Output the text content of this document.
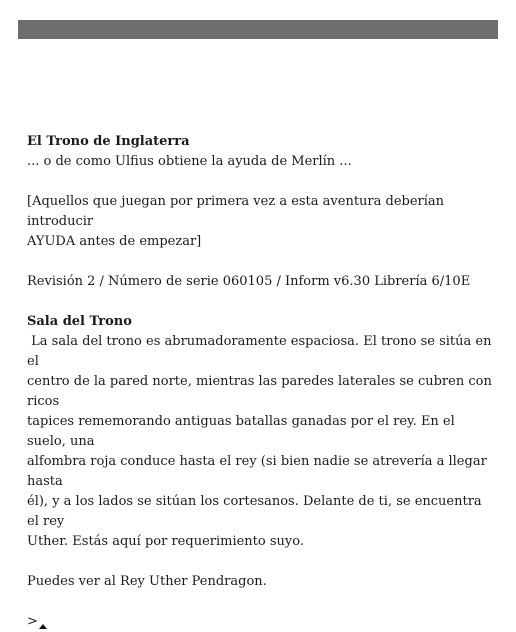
Sala del Trono

El Trono de Inglaterra
... o de como Ulfius obtiene la ayuda de Merlín ...
[Aquellos que juegan por primera vez a esta aventura deberían introducir
AYUDA antes de empezar]
Revisión 2 / Número de serie 060105 / Inform v6.30 Librería 6/10E
Sala del Trono
La sala del trono es abrumadoramente espaciosa. El trono se sitúa en  el
centro de la pared norte, mientras las paredes laterales se cubren con ricos
tapices rememorando antiguas batallas ganadas por el rey. En el suelo, una
alfombra roja conduce hasta el rey (si bien nadie se atrevería a llegar hasta
él), y a los lados se sitúan los cortesanos. Delante de ti, se encuentra el rey
Uther. Estás aquí por requerimiento suyo.
Puedes ver al Rey Uther Pendragon.
>
